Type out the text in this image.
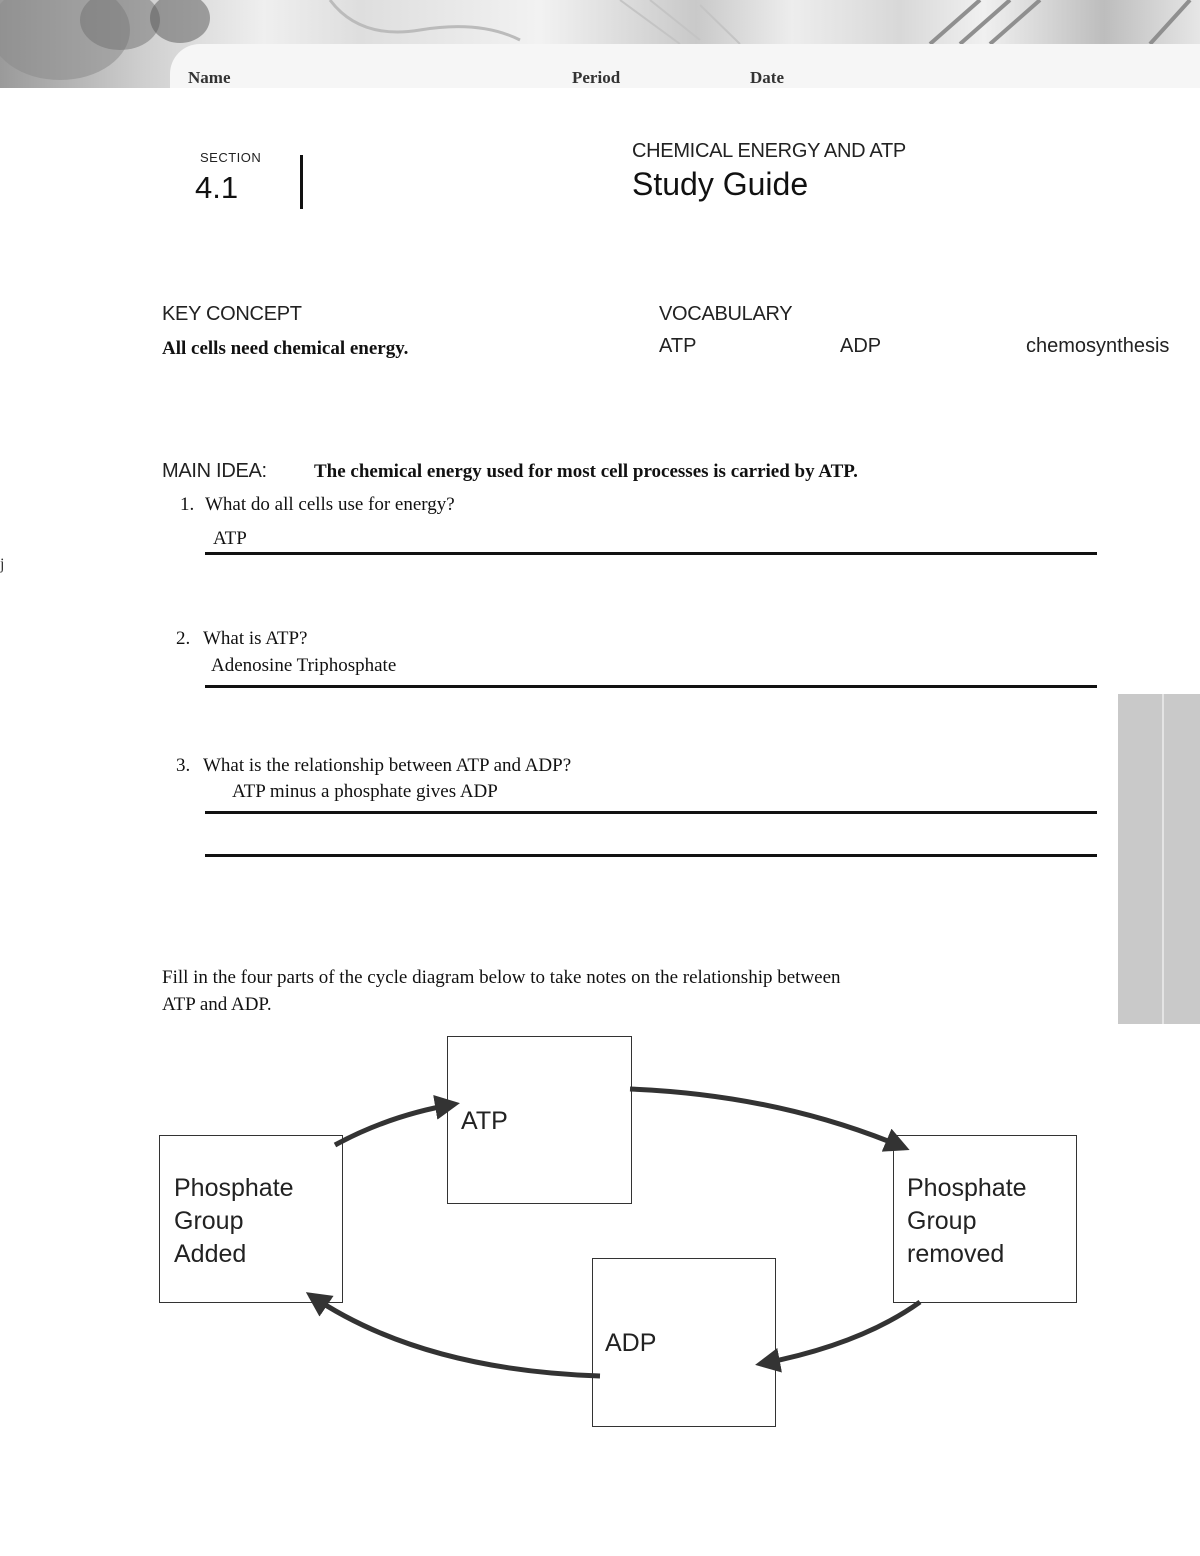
Name	Period	Date
SECTION
4.1
CHEMICAL ENERGY AND ATP
Study Guide
KEY CONCEPT
All cells need chemical energy.
VOCABULARY
ATP	ADP	chemosynthesis
MAIN IDEA: The chemical energy used for most cell processes is carried by ATP.
1. What do all cells use for energy?
ATP
j
2. What is ATP?
Adenosine Triphosphate
3. What is the relationship between ATP and ADP?
ATP minus a phosphate gives ADP
Fill in the four parts of the cycle diagram below to take notes on the relationship between
ATP and ADP.
ATP
Phosphate
Group
removed
ADP
Phosphate
Group
Added
